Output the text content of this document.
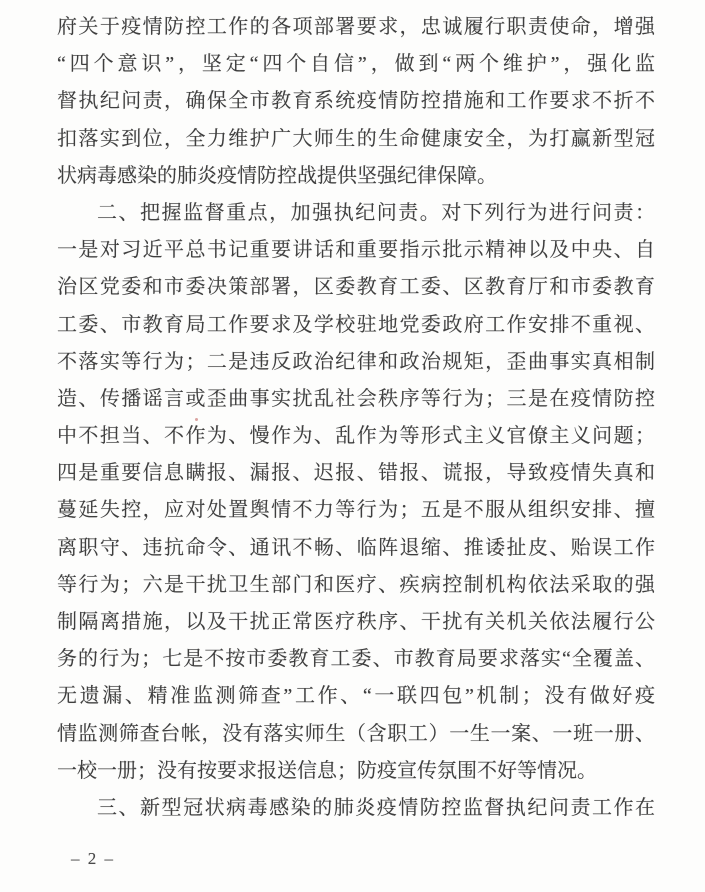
府关于疫情防控工作的各项部署要求，忠诚履行职责使命，增强
“四个意识”，坚定“四个自信”，做到“两个维护”，强化监
督执纪问责，确保全市教育系统疫情防控措施和工作要求不折不
扣落实到位，全力维护广大师生的生命健康安全，为打赢新型冠
状病毒感染的肺炎疫情防控战提供坚强纪律保障。
二、把握监督重点，加强执纪问责。对下列行为进行问责：
一是对习近平总书记重要讲话和重要指示批示精神以及中央、自
治区党委和市委决策部署，区委教育工委、区教育厅和市委教育
工委、市教育局工作要求及学校驻地党委政府工作安排不重视、
不落实等行为；二是违反政治纪律和政治规矩，歪曲事实真相制
造、传播谣言或歪曲事实扰乱社会秩序等行为；三是在疫情防控
中不担当、不作为、慢作为、乱作为等形式主义官僚主义问题；
四是重要信息瞒报、漏报、迟报、错报、谎报，导致疫情失真和
蔓延失控，应对处置舆情不力等行为；五是不服从组织安排、擅
离职守、违抗命令、通讯不畅、临阵退缩、推诿扯皮、贻误工作
等行为；六是干扰卫生部门和医疗、疾病控制机构依法采取的强
制隔离措施，以及干扰正常医疗秩序、干扰有关机关依法履行公
务的行为；七是不按市委教育工委、市教育局要求落实“全覆盖、
无遗漏、精准监测筛查”工作、“一联四包”机制；没有做好疫
情监测筛查台帐，没有落实师生（含职工）一生一案、一班一册、
一校一册；没有按要求报送信息；防疫宣传氛围不好等情况。
三、新型冠状病毒感染的肺炎疫情防控监督执纪问责工作在
– 2 –
